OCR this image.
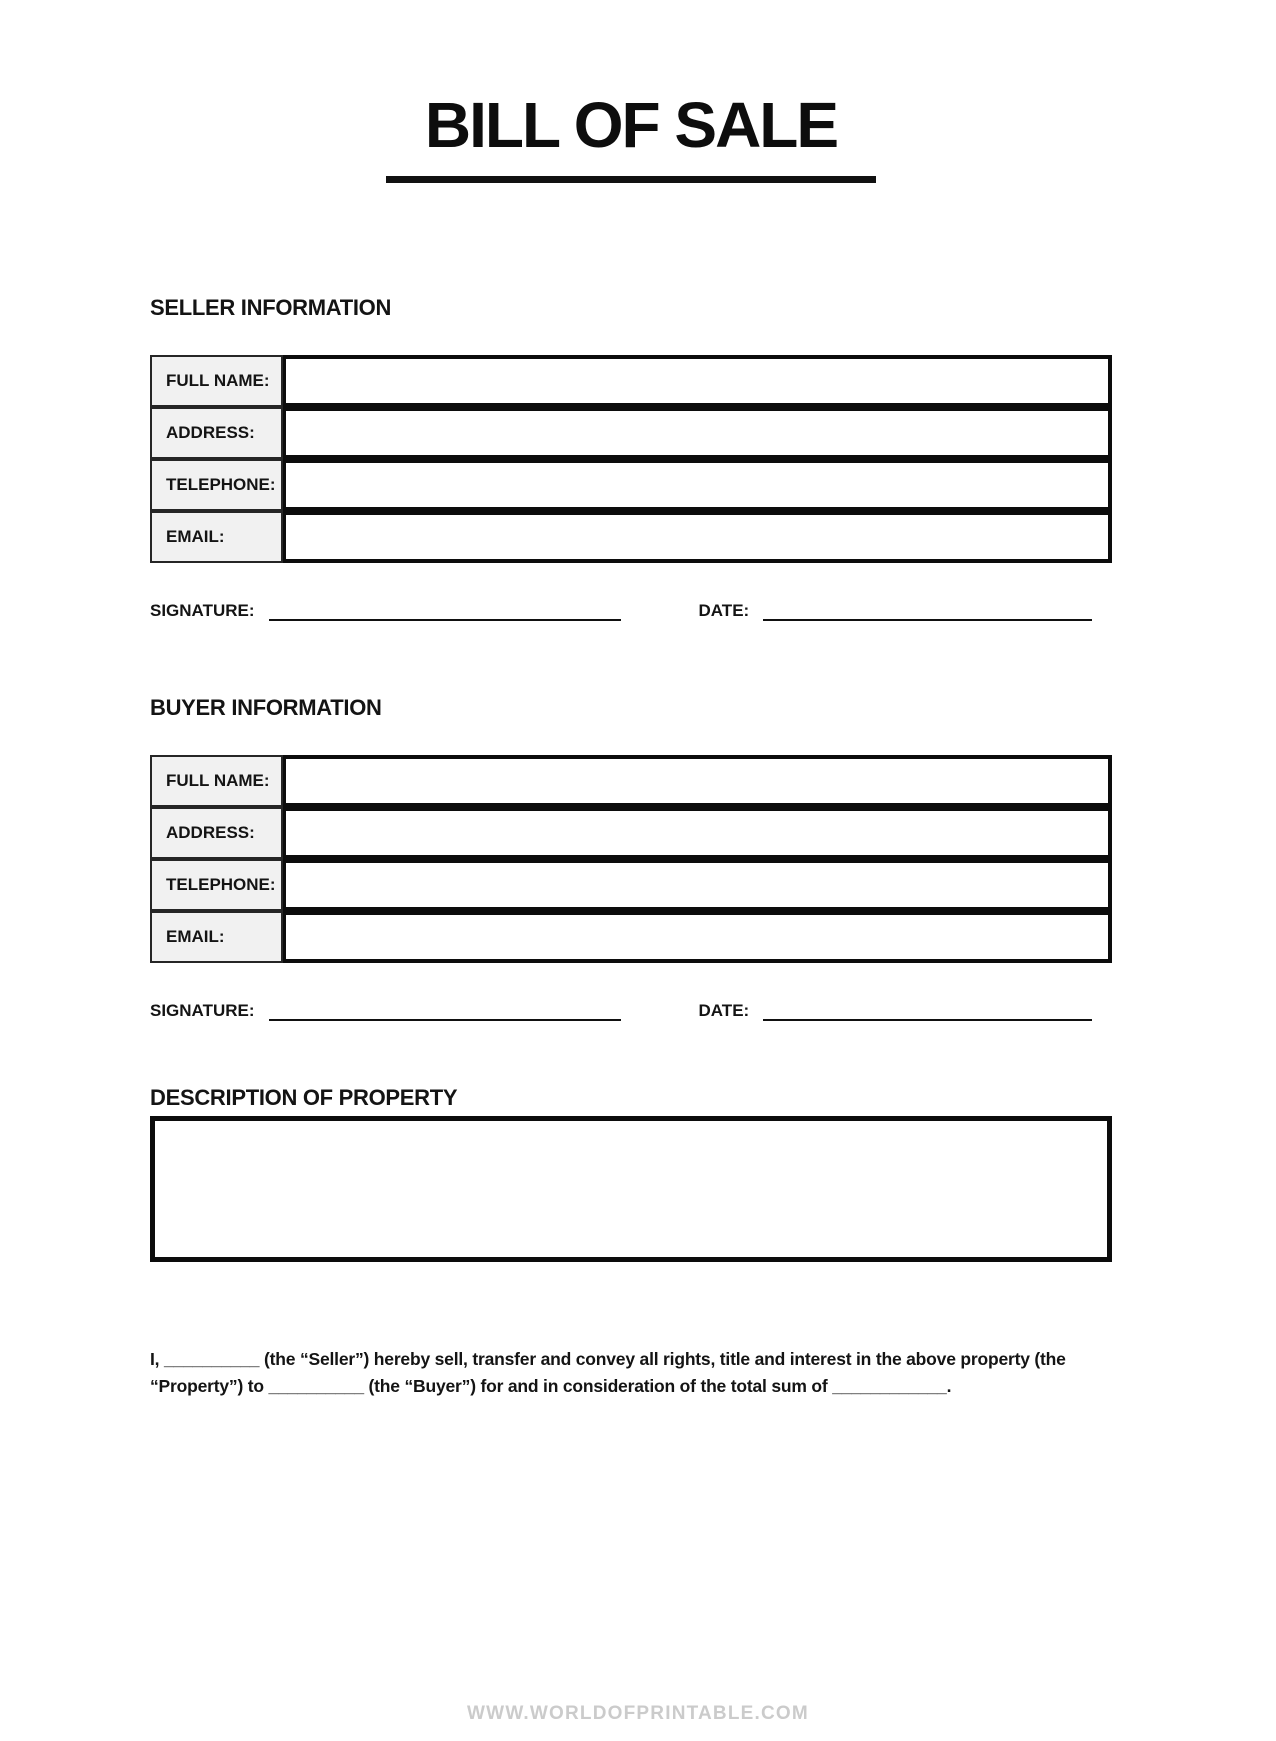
BILL OF SALE
SELLER INFORMATION
FULL NAME:
ADDRESS:
TELEPHONE:
EMAIL:
SIGNATURE:	DATE:
BUYER INFORMATION
FULL NAME:
ADDRESS:
TELEPHONE:
EMAIL:
SIGNATURE:	DATE:
DESCRIPTION OF PROPERTY
I, __________ (the “Seller”) hereby sell, transfer and convey all rights, title and interest in the above property (the “Property”) to __________ (the “Buyer”) for and in consideration of the total sum of ____________.
WWW.WORLDOFPRINTABLE.COM
